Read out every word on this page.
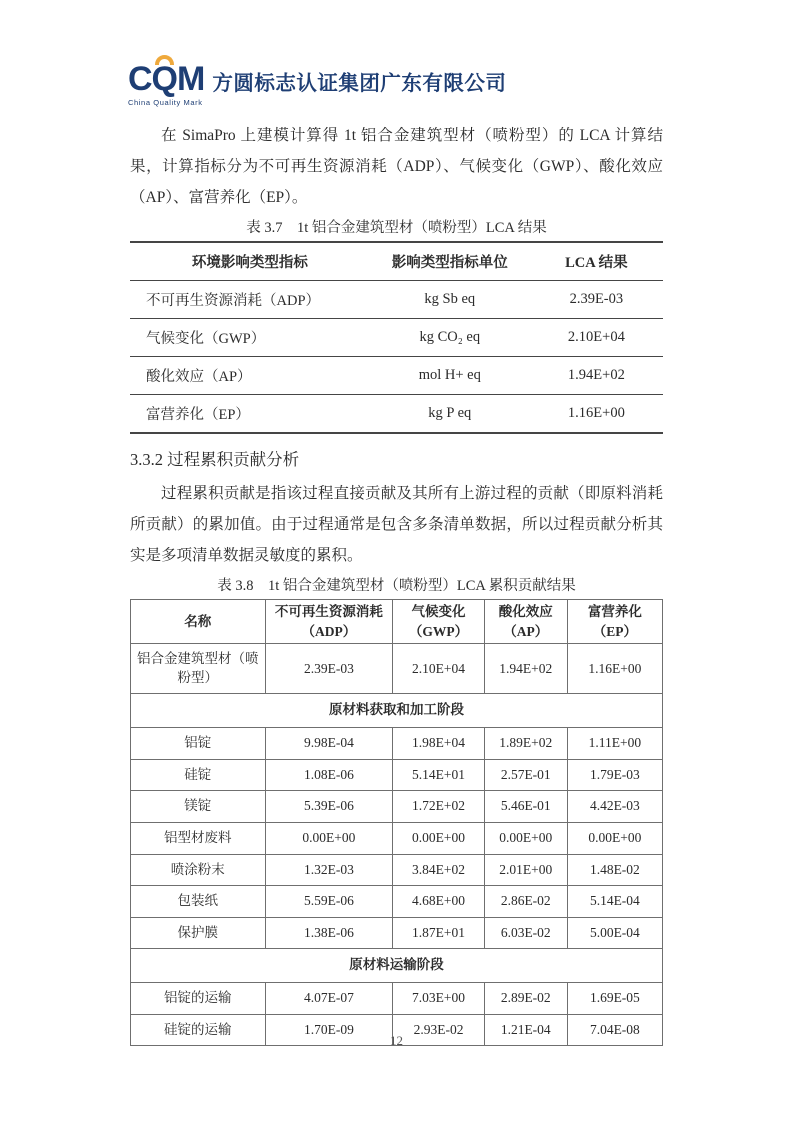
CQM
China Quality Mark
方圆标志认证集团广东有限公司

在 SimaPro 上建模计算得 1t 铝合金建筑型材（喷粉型）的 LCA 计算结果，计算指标分为不可再生资源消耗（ADP）、气候变化（GWP）、酸化效应（AP）、富营养化（EP）。

表 3.7　1t 铝合金建筑型材（喷粉型）LCA 结果
环境影响类型指标	影响类型指标单位	LCA 结果
不可再生资源消耗（ADP）	kg Sb eq	2.39E-03
气候变化（GWP）	kg CO₂ eq	2.10E+04
酸化效应（AP）	mol H+ eq	1.94E+02
富营养化（EP）	kg P eq	1.16E+00
3.3.2 过程累积贡献分析

过程累积贡献是指该过程直接贡献及其所有上游过程的贡献（即原料消耗所贡献）的累加值。由于过程通常是包含多条清单数据，所以过程贡献分析其实是多项清单数据灵敏度的累积。

表 3.8　1t 铝合金建筑型材（喷粉型）LCA 累积贡献结果
名称	不可再生资源消耗（ADP）	气候变化（GWP）	酸化效应（AP）	富营养化（EP）
铝合金建筑型材（喷粉型）	2.39E-03	2.10E+04	1.94E+02	1.16E+00
原材料获取和加工阶段				
铝锭	9.98E-04	1.98E+04	1.89E+02	1.11E+00
硅锭	1.08E-06	5.14E+01	2.57E-01	1.79E-03
镁锭	5.39E-06	1.72E+02	5.46E-01	4.42E-03
铝型材废料	0.00E+00	0.00E+00	0.00E+00	0.00E+00
喷涂粉末	1.32E-03	3.84E+02	2.01E+00	1.48E-02
包装纸	5.59E-06	4.68E+00	2.86E-02	5.14E-04
保护膜	1.38E-06	1.87E+01	6.03E-02	5.00E-04
原材料运输阶段				
铝锭的运输	4.07E-07	7.03E+00	2.89E-02	1.69E-05
硅锭的运输	1.70E-09	2.93E-02	1.21E-04	7.04E-08
12
